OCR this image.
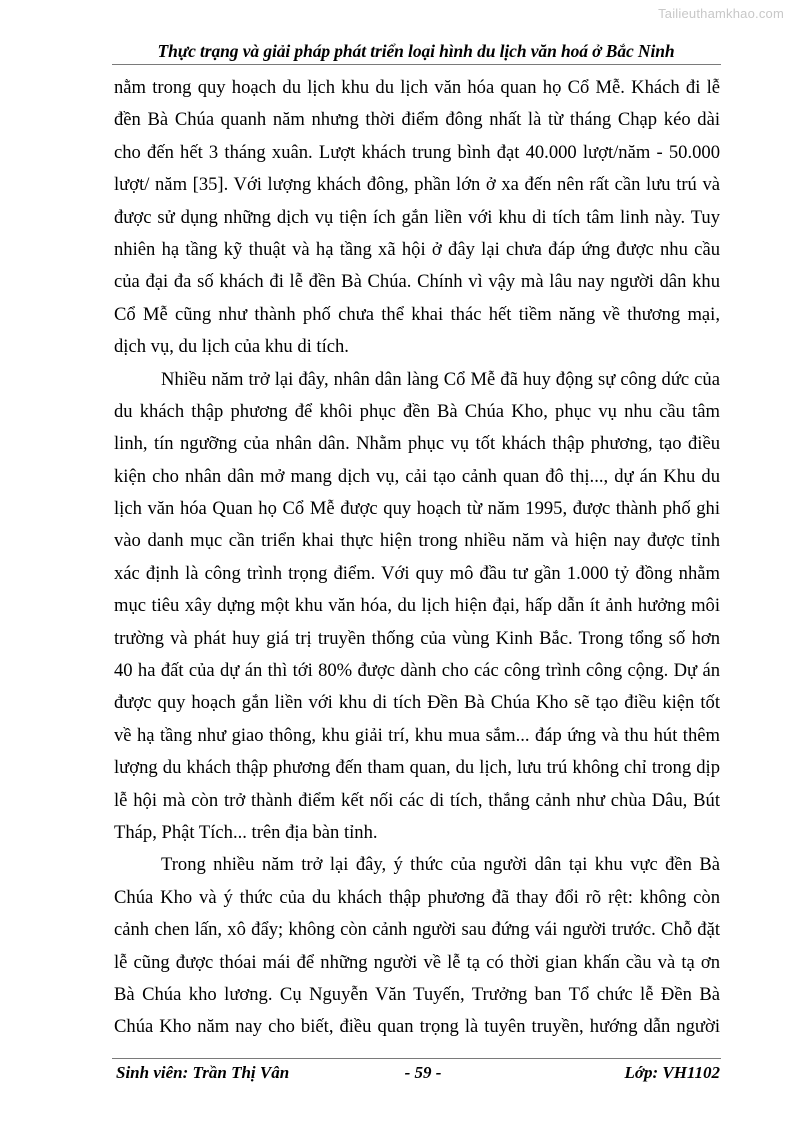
Tailieuthamkhao.com
Thực trạng và giải pháp phát triển loại hình du lịch văn hoá ở Bắc Ninh

nằm trong quy hoạch du lịch khu du lịch văn hóa quan họ Cổ Mễ. Khách đi lễ
đền Bà Chúa quanh năm nhưng thời điểm đông nhất là từ tháng Chạp kéo dài
cho đến hết 3 tháng xuân. Lượt khách trung bình đạt 40.000 lượt/năm - 50.000
lượt/ năm [35]. Với lượng khách đông, phần lớn ở xa đến nên rất cần lưu trú và
được sử dụng những dịch vụ tiện ích gắn liền với khu di tích tâm linh này. Tuy
nhiên hạ tầng kỹ thuật và hạ tầng xã hội ở đây lại chưa đáp ứng được nhu cầu
của đại đa số khách đi lễ đền Bà Chúa. Chính vì vậy mà lâu nay người dân khu
Cổ Mễ cũng như thành phố chưa thể khai thác hết tiềm năng về thương mại,
dịch vụ, du lịch của khu di tích.

Nhiều năm trở lại đây, nhân dân làng Cổ Mễ đã huy động sự công dức của
du khách thập phương để khôi phục đền Bà Chúa Kho, phục vụ nhu cầu tâm
linh, tín ngưỡng của nhân dân. Nhằm phục vụ tốt khách thập phương, tạo điều
kiện cho nhân dân mở mang dịch vụ, cải tạo cảnh quan đô thị..., dự án Khu du
lịch văn hóa Quan họ Cổ Mễ được quy hoạch từ năm 1995, được thành phố ghi
vào danh mục cần triển khai thực hiện trong nhiều năm và hiện nay được tỉnh
xác định là công trình trọng điểm. Với quy mô đầu tư gần 1.000 tỷ đồng nhằm
mục tiêu xây dựng một khu văn hóa, du lịch hiện đại, hấp dẫn ít ảnh hưởng môi
trường và phát huy giá trị truyền thống của vùng Kinh Bắc. Trong tổng số hơn
40 ha đất của dự án thì tới 80% được dành cho các công trình công cộng. Dự án
được quy hoạch gắn liền với khu di tích Đền Bà Chúa Kho sẽ tạo điều kiện tốt
về hạ tầng như giao thông, khu giải trí, khu mua sắm... đáp ứng và thu hút thêm
lượng du khách thập phương đến tham quan, du lịch, lưu trú không chỉ trong dịp
lễ hội mà còn trở thành điểm kết nối các di tích, thắng cảnh như chùa Dâu, Bút
Tháp, Phật Tích... trên địa bàn tỉnh.

Trong nhiều năm trở lại đây, ý thức của người dân tại khu vực đền Bà
Chúa Kho và ý thức của du khách thập phương đã thay đổi rõ rệt: không còn
cảnh chen lấn, xô đẩy; không còn cảnh người sau đứng vái người trước. Chỗ đặt
lễ cũng được thóai mái để những người về lễ tạ có thời gian khấn cầu và tạ ơn
Bà Chúa kho lương. Cụ Nguyễn Văn Tuyến, Trưởng ban Tổ chức lễ Đền Bà
Chúa Kho năm nay cho biết, điều quan trọng là tuyên truyền, hướng dẫn người

Sinh viên: Trần Thị Vân	- 59 -	Lớp: VH1102
